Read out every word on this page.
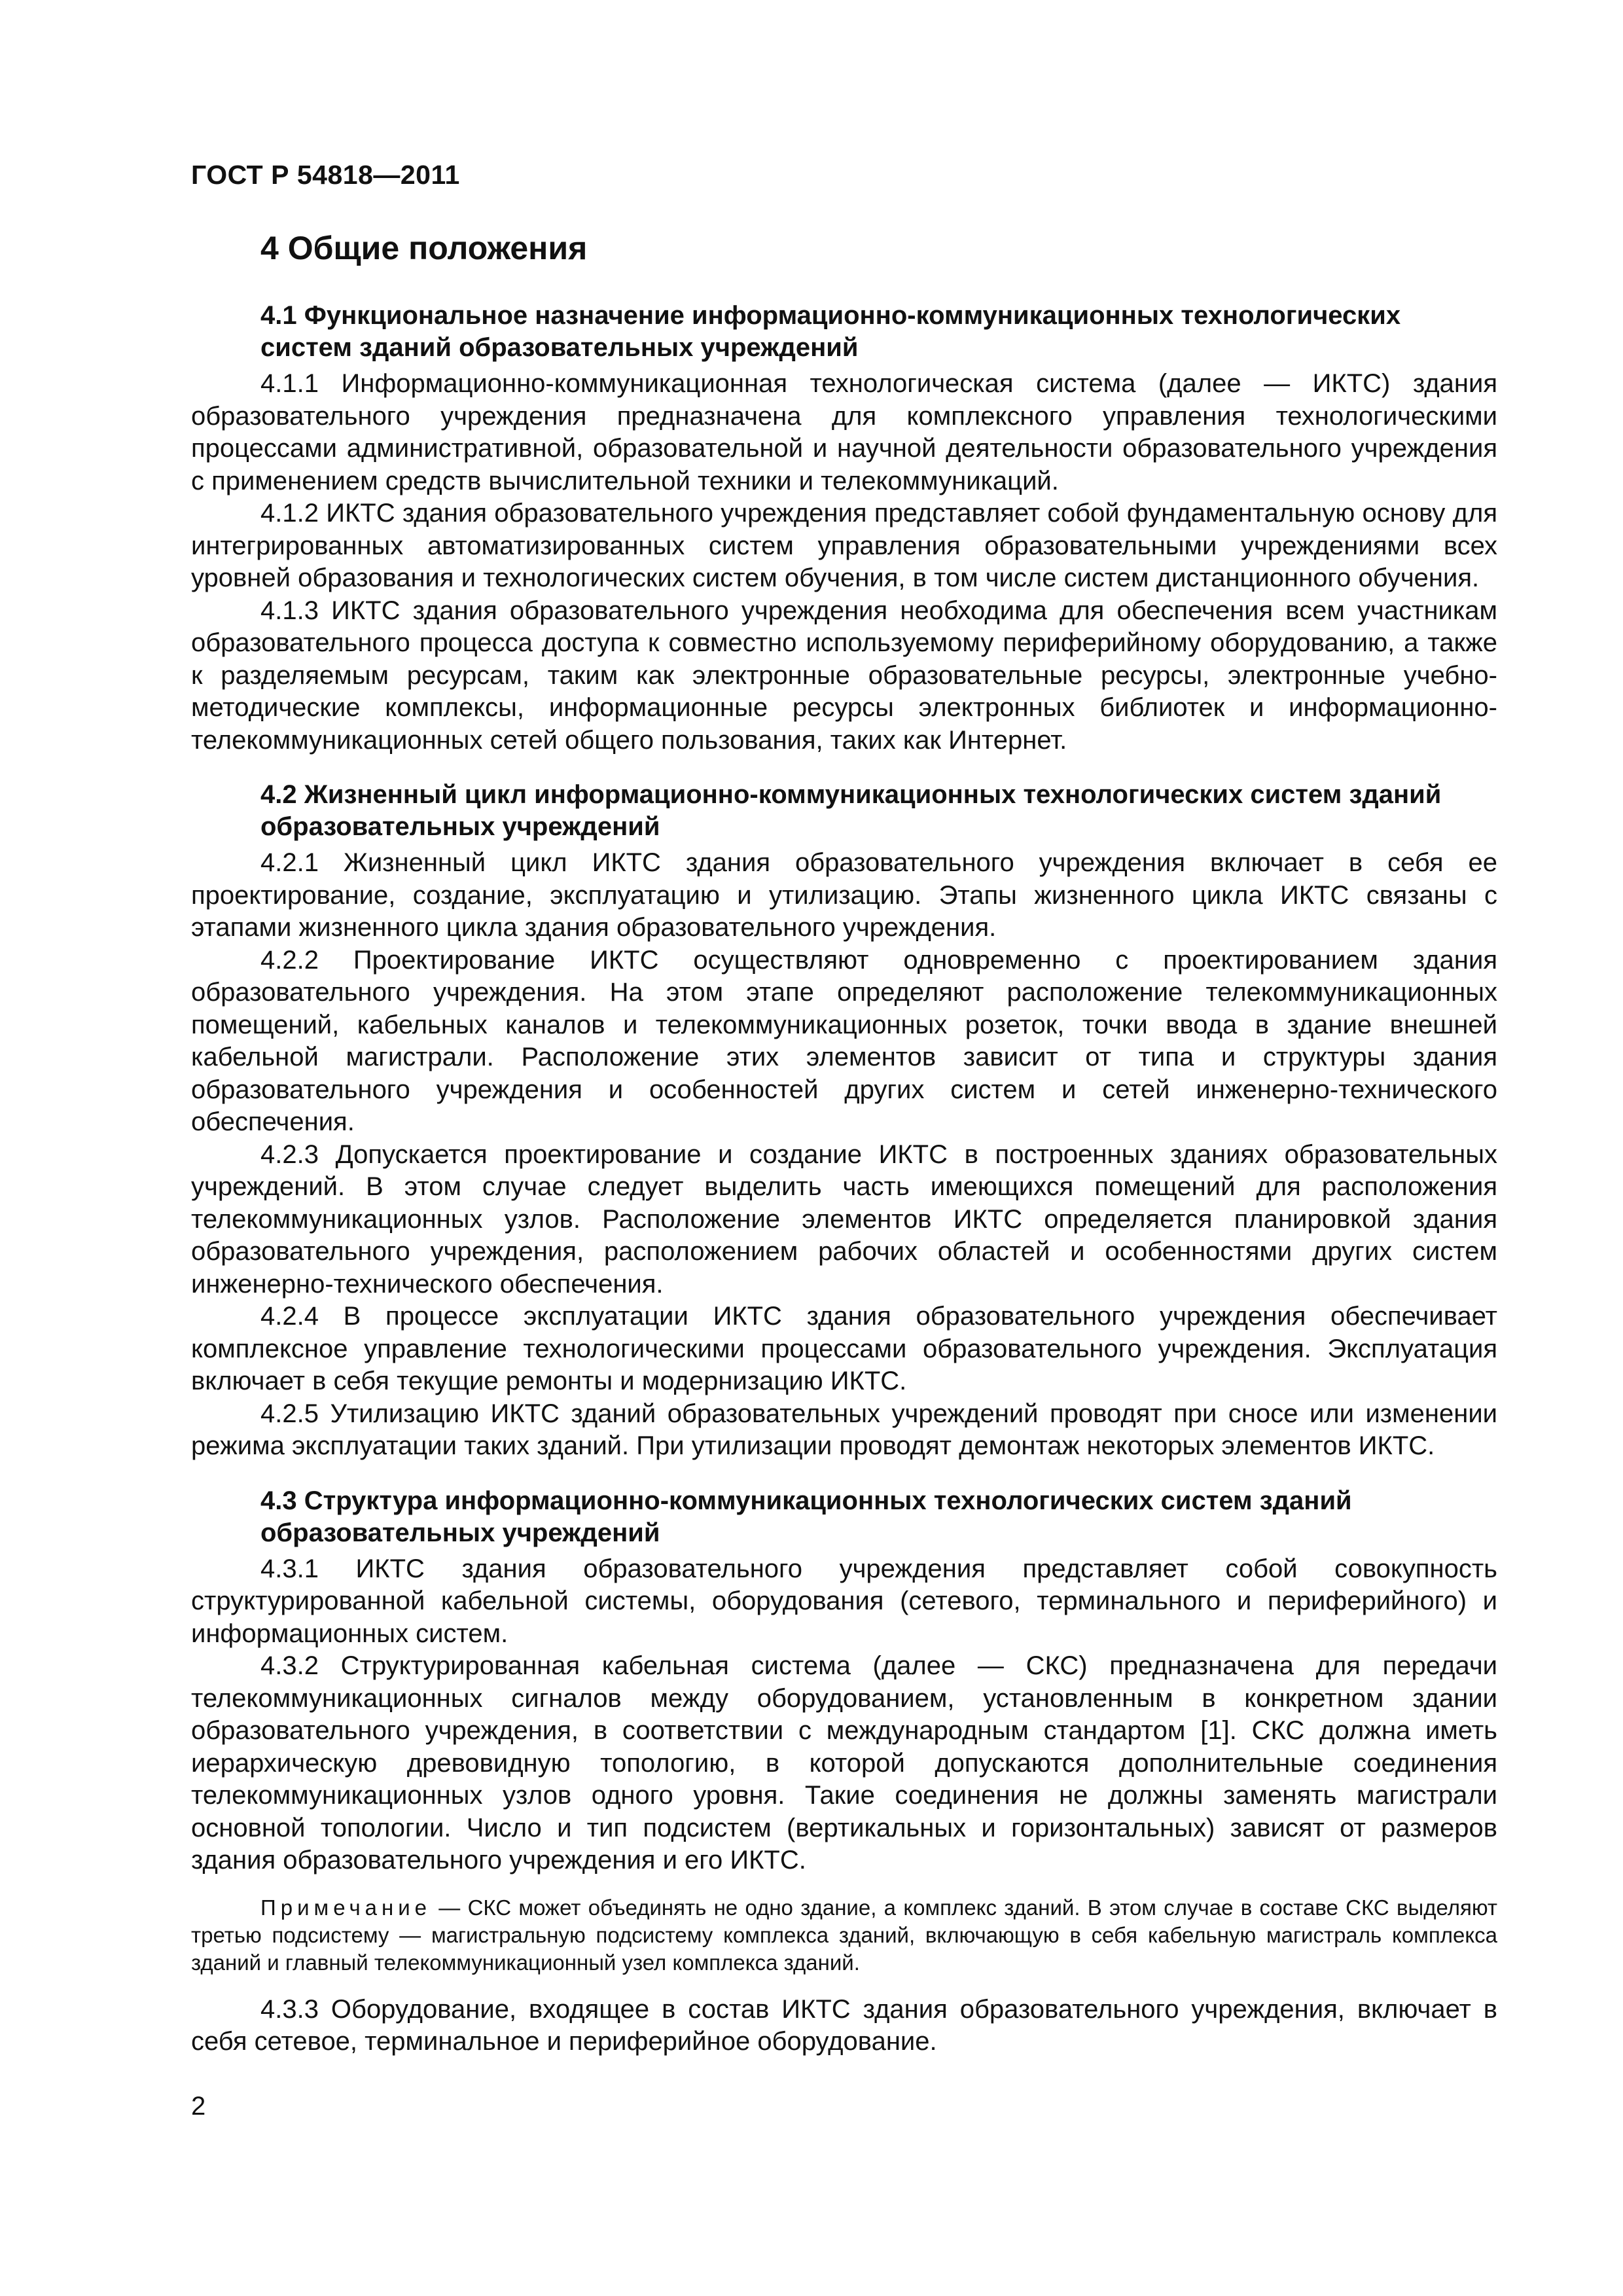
ГОСТ Р 54818—2011

4 Общие положения
4.1 Функциональное назначение информационно-коммуникационных технологических систем зданий образовательных учреждений

4.1.1 Информационно-коммуникационная технологическая система (далее — ИКТС) здания образовательного учреждения предназначена для комплексного управления технологическими процессами административной, образовательной и научной деятельности образовательного учреждения с применением средств вычислительной техники и телекоммуникаций.

4.1.2 ИКТС здания образовательного учреждения представляет собой фундаментальную основу для интегрированных автоматизированных систем управления образовательными учреждениями всех уровней образования и технологических систем обучения, в том числе систем дистанционного обучения.

4.1.3 ИКТС здания образовательного учреждения необходима для обеспечения всем участникам образовательного процесса доступа к совместно используемому периферийному оборудованию, а также к разделяемым ресурсам, таким как электронные образовательные ресурсы, электронные учебно-методические комплексы, информационные ресурсы электронных библиотек и информационно-телекоммуникационных сетей общего пользования, таких как Интернет.

4.2 Жизненный цикл информационно-коммуникационных технологических систем зданий образовательных учреждений

4.2.1 Жизненный цикл ИКТС здания образовательного учреждения включает в себя ее проектирование, создание, эксплуатацию и утилизацию. Этапы жизненного цикла ИКТС связаны с этапами жизненного цикла здания образовательного учреждения.

4.2.2 Проектирование ИКТС осуществляют одновременно с проектированием здания образовательного учреждения. На этом этапе определяют расположение телекоммуникационных помещений, кабельных каналов и телекоммуникационных розеток, точки ввода в здание внешней кабельной магистрали. Расположение этих элементов зависит от типа и структуры здания образовательного учреждения и особенностей других систем и сетей инженерно-технического обеспечения.

4.2.3 Допускается проектирование и создание ИКТС в построенных зданиях образовательных учреждений. В этом случае следует выделить часть имеющихся помещений для расположения телекоммуникационных узлов. Расположение элементов ИКТС определяется планировкой здания образовательного учреждения, расположением рабочих областей и особенностями других систем инженерно-технического обеспечения.

4.2.4 В процессе эксплуатации ИКТС здания образовательного учреждения обеспечивает комплексное управление технологическими процессами образовательного учреждения. Эксплуатация включает в себя текущие ремонты и модернизацию ИКТС.

4.2.5 Утилизацию ИКТС зданий образовательных учреждений проводят при сносе или изменении режима эксплуатации таких зданий. При утилизации проводят демонтаж некоторых элементов ИКТС.

4.3 Структура информационно-коммуникационных технологических систем зданий образовательных учреждений

4.3.1 ИКТС здания образовательного учреждения представляет собой совокупность структурированной кабельной системы, оборудования (сетевого, терминального и периферийного) и информационных систем.

4.3.2 Структурированная кабельная система (далее — СКС) предназначена для передачи телекоммуникационных сигналов между оборудованием, установленным в конкретном здании образовательного учреждения, в соответствии с международным стандартом [1]. СКС должна иметь иерархическую древовидную топологию, в которой допускаются дополнительные соединения телекоммуникационных узлов одного уровня. Такие соединения не должны заменять магистрали основной топологии. Число и тип подсистем (вертикальных и горизонтальных) зависят от размеров здания образовательного учреждения и его ИКТС.

Примечание — СКС может объединять не одно здание, а комплекс зданий. В этом случае в составе СКС выделяют третью подсистему — магистральную подсистему комплекса зданий, включающую в себя кабельную магистраль комплекса зданий и главный телекоммуникационный узел комплекса зданий.

4.3.3 Оборудование, входящее в состав ИКТС здания образовательного учреждения, включает в себя сетевое, терминальное и периферийное оборудование.

2
